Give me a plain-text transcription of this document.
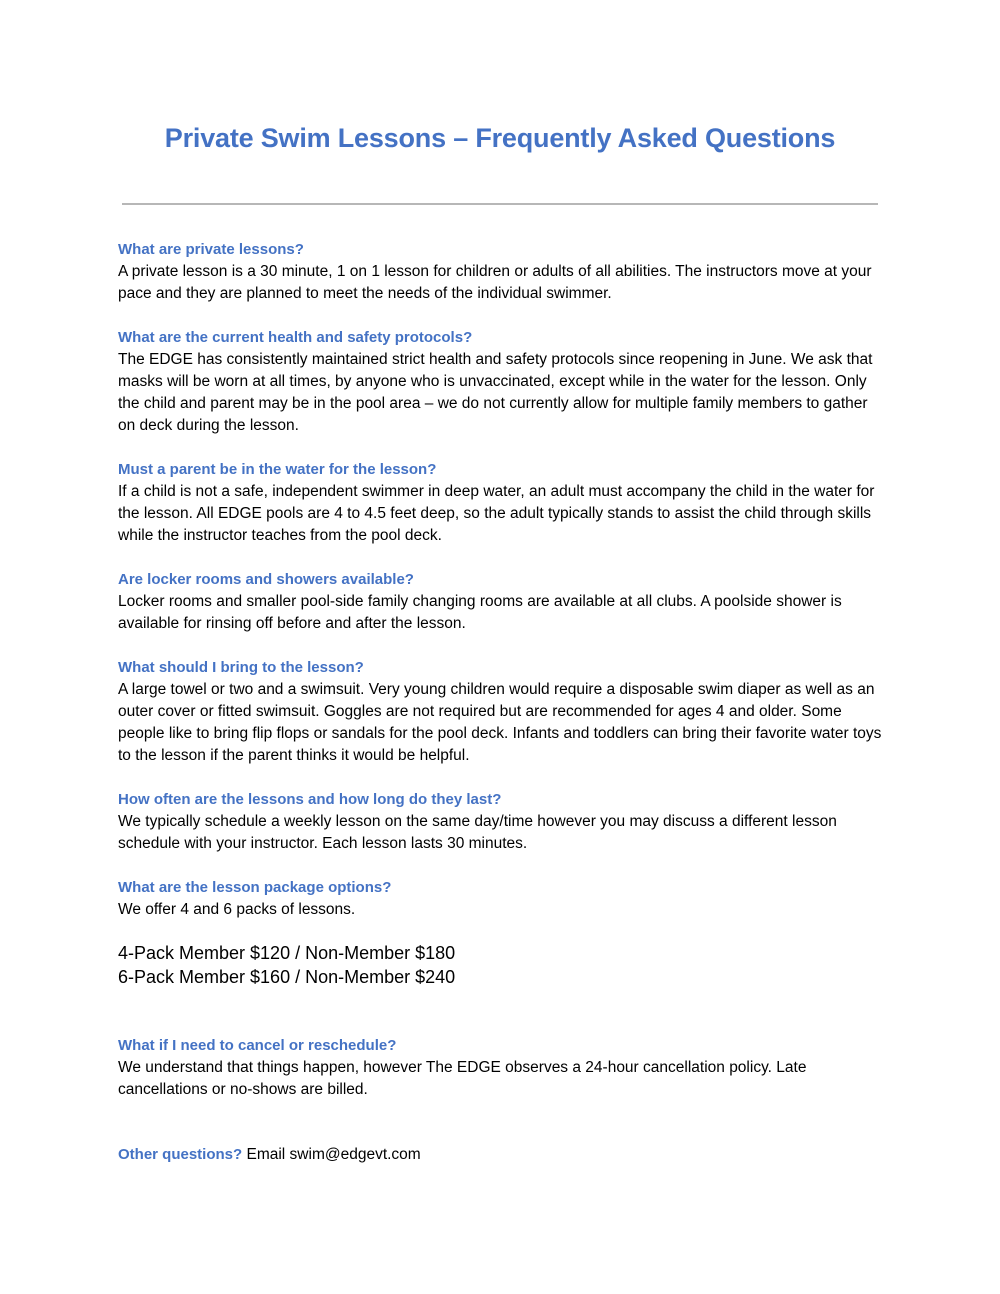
Private Swim Lessons – Frequently Asked Questions
What are private lessons?
A private lesson is a 30 minute, 1 on 1 lesson for children or adults of all abilities. The instructors move at your pace and they are planned to meet the needs of the individual swimmer.
What are the current health and safety protocols?
The EDGE has consistently maintained strict health and safety protocols since reopening in June. We ask that masks will be worn at all times, by anyone who is unvaccinated, except while in the water for the lesson. Only the child and parent may be in the pool area – we do not currently allow for multiple family members to gather on deck during the lesson.
Must a parent be in the water for the lesson?
If a child is not a safe, independent swimmer in deep water, an adult must accompany the child in the water for the lesson. All EDGE pools are 4 to 4.5 feet deep, so the adult typically stands to assist the child through skills while the instructor teaches from the pool deck.
Are locker rooms and showers available?
Locker rooms and smaller pool-side family changing rooms are available at all clubs. A poolside shower is available for rinsing off before and after the lesson.
What should I bring to the lesson?
A large towel or two and a swimsuit. Very young children would require a disposable swim diaper as well as an outer cover or fitted swimsuit. Goggles are not required but are recommended for ages 4 and older. Some people like to bring flip flops or sandals for the pool deck. Infants and toddlers can bring their favorite water toys to the lesson if the parent thinks it would be helpful.
How often are the lessons and how long do they last?
We typically schedule a weekly lesson on the same day/time however you may discuss a different lesson schedule with your instructor. Each lesson lasts 30 minutes.
What are the lesson package options?
We offer 4 and 6 packs of lessons.
4-Pack Member $120 / Non-Member $180
6-Pack Member $160 / Non-Member $240
What if I need to cancel or reschedule?
We understand that things happen, however The EDGE observes a 24-hour cancellation policy. Late cancellations or no-shows are billed.
Other questions? Email swim@edgevt.com
